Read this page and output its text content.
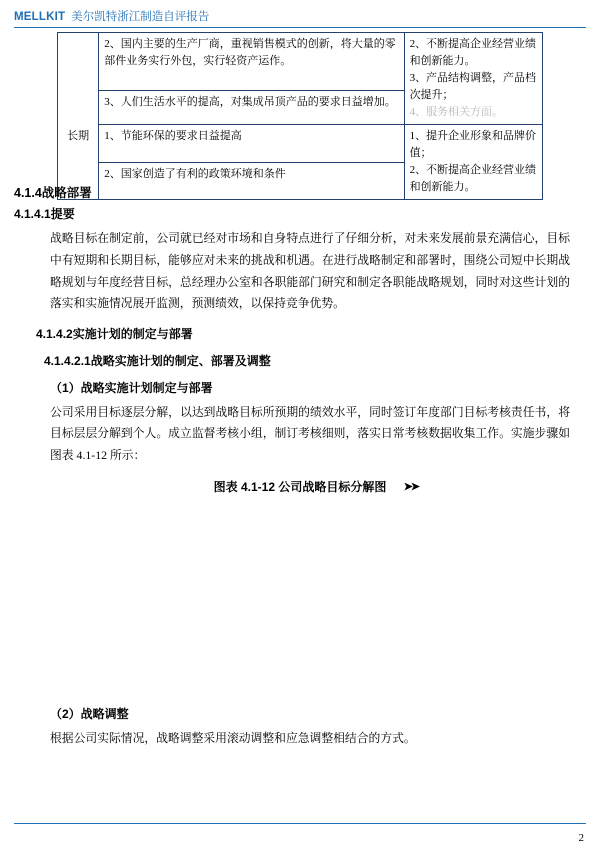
MELLKIT 美尔凯特浙江制造自评报告

	2、国内主要的生产厂商，重视销售模式的创新，将大量的零部件业务实行外包，实行轻资产运作。	2、不断提高企业经营业绩和创新能力。
3、产品结构调整，产品档次提升；
4、服务相关方面。

	3、人们生活水平的提高，对集成吊顶产品的要求日益增加。	

长期	1、节能环保的要求日益提高	1、提升企业形象和品牌价值；
2、不断提高企业经营业绩和创新能力。

	2、国家创造了有利的政策环境和条件	
4.1.4战略部署
4.1.4.1提要

战略目标在制定前，公司就已经对市场和自身特点进行了仔细分析，对未来发展前景充满信心，目标中有短期和长期目标，能够应对未来的挑战和机遇。在进行战略制定和部署时，围绕公司短中长期战略规划与年度经营目标，总经理办公室和各职能部门研究和制定各职能战略规划，同时对这些计划的落实和实施情况展开监测，预测绩效，以保持竞争优势。

4.1.4.2实施计划的制定与部署
4.1.4.2.1战略实施计划的制定、部署及调整
（1）战略实施计划制定与部署

公司采用目标逐层分解，以达到战略目标所预期的绩效水平，同时签订年度部门目标考核责任书，将目标层层分解到个人。成立监督考核小组，制订考核细则，落实日常考核数据收集工作。实施步骤如图表 4.1-12 所示：

图表 4.1-12 公司战略目标分解图 ➤➤
（2）战略调整

根据公司实际情况，战略调整采用滚动调整和应急调整相结合的方式。

2
